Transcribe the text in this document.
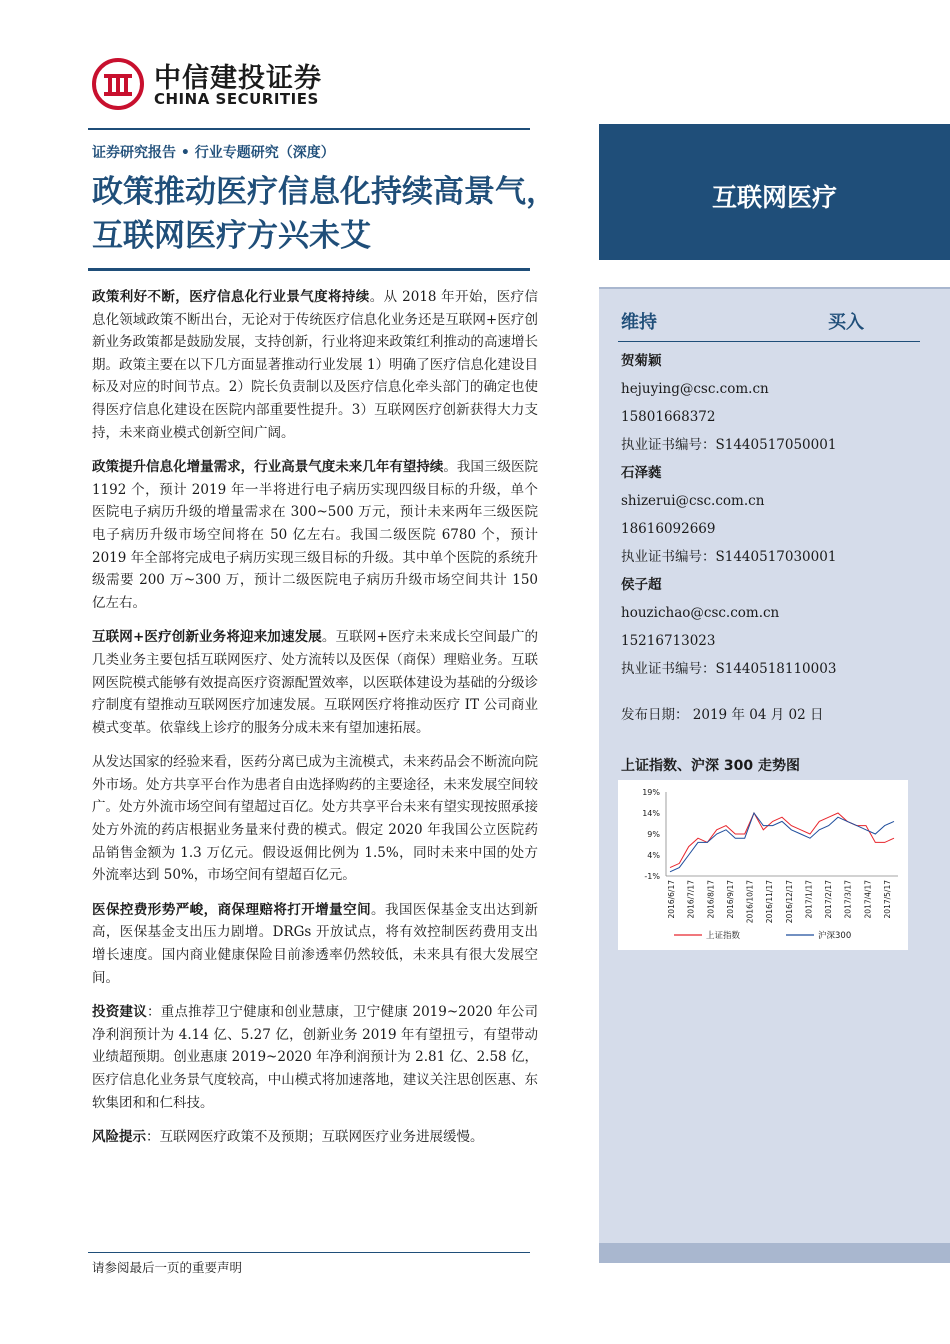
中信建投证券
CHINA SECURITIES
证券研究报告 • 行业专题研究（深度）
政策推动医疗信息化持续高景气，互联网医疗方兴未艾
政策利好不断，医疗信息化行业景气度将持续。从 2018 年开始，医疗信息化领域政策不断出台，无论对于传统医疗信息化业务还是互联网+医疗创新业务政策都是鼓励发展，支持创新，行业将迎来政策红利推动的高速增长期。政策主要在以下几方面显著推动行业发展 1）明确了医疗信息化建设目标及对应的时间节点。2）院长负责制以及医疗信息化牵头部门的确定也使得医疗信息化建设在医院内部重要性提升。3）互联网医疗创新获得大力支持，未来商业模式创新空间广阔。
政策提升信息化增量需求，行业高景气度未来几年有望持续。我国三级医院 1192 个，预计 2019 年一半将进行电子病历实现四级目标的升级，单个医院电子病历升级的增量需求在 300~500 万元，预计未来两年三级医院电子病历升级市场空间将在 50 亿左右。我国二级医院 6780 个，预计 2019 年全部将完成电子病历实现三级目标的升级。其中单个医院的系统升级需要 200 万~300 万，预计二级医院电子病历升级市场空间共计 150 亿左右。
互联网+医疗创新业务将迎来加速发展。互联网+医疗未来成长空间最广的几类业务主要包括互联网医疗、处方流转以及医保（商保）理赔业务。互联网医院模式能够有效提高医疗资源配置效率，以医联体建设为基础的分级诊疗制度有望推动互联网医疗加速发展。互联网医疗将推动医疗 IT 公司商业模式变革。依靠线上诊疗的服务分成未来有望加速拓展。
从发达国家的经验来看，医药分离已成为主流模式，未来药品会不断流向院外市场。处方共享平台作为患者自由选择购药的主要途径，未来发展空间较广。处方外流市场空间有望超过百亿。处方共享平台未来有望实现按照承接处方外流的药店根据业务量来付费的模式。假定 2020 年我国公立医院药品销售金额为 1.3 万亿元。假设返佣比例为 1.5%，同时未来中国的处方外流率达到 50%，市场空间有望超百亿元。
医保控费形势严峻，商保理赔将打开增量空间。我国医保基金支出达到新高，医保基金支出压力剧增。DRGs 开放试点，将有效控制医药费用支出增长速度。国内商业健康保险目前渗透率仍然较低，未来具有很大发展空间。
投资建议：重点推荐卫宁健康和创业慧康，卫宁健康 2019~2020 年公司净利润预计为 4.14 亿、5.27 亿，创新业务 2019 年有望扭亏，有望带动业绩超预期。创业惠康 2019~2020 年净利润预计为 2.81 亿、2.58 亿，医疗信息化业务景气度较高，中山模式将加速落地，建议关注思创医惠、东软集团和和仁科技。
风险提示：互联网医疗政策不及预期；互联网医疗业务进展缓慢。
请参阅最后一页的重要声明
互联网医疗
维持	买入
贺菊颖
hejuying@csc.com.cn
15801668372
执业证书编号：S1440517050001
石泽蕤
shizerui@csc.com.cn
18616092669
执业证书编号：S1440517030001
侯子超
houzichao@csc.com.cn
15216713023
执业证书编号：S1440518110003
发布日期： 2019 年 04 月 02 日
上证指数、沪深 300 走势图
19%
14%
9%
4%
-1%
2016/6/17 2016/7/17 2016/8/17 2016/9/17 2016/10/17 2016/11/17 2016/12/17 2017/1/17 2017/2/17 2017/3/17 2017/4/17 2017/5/17
上证指数	沪深300
